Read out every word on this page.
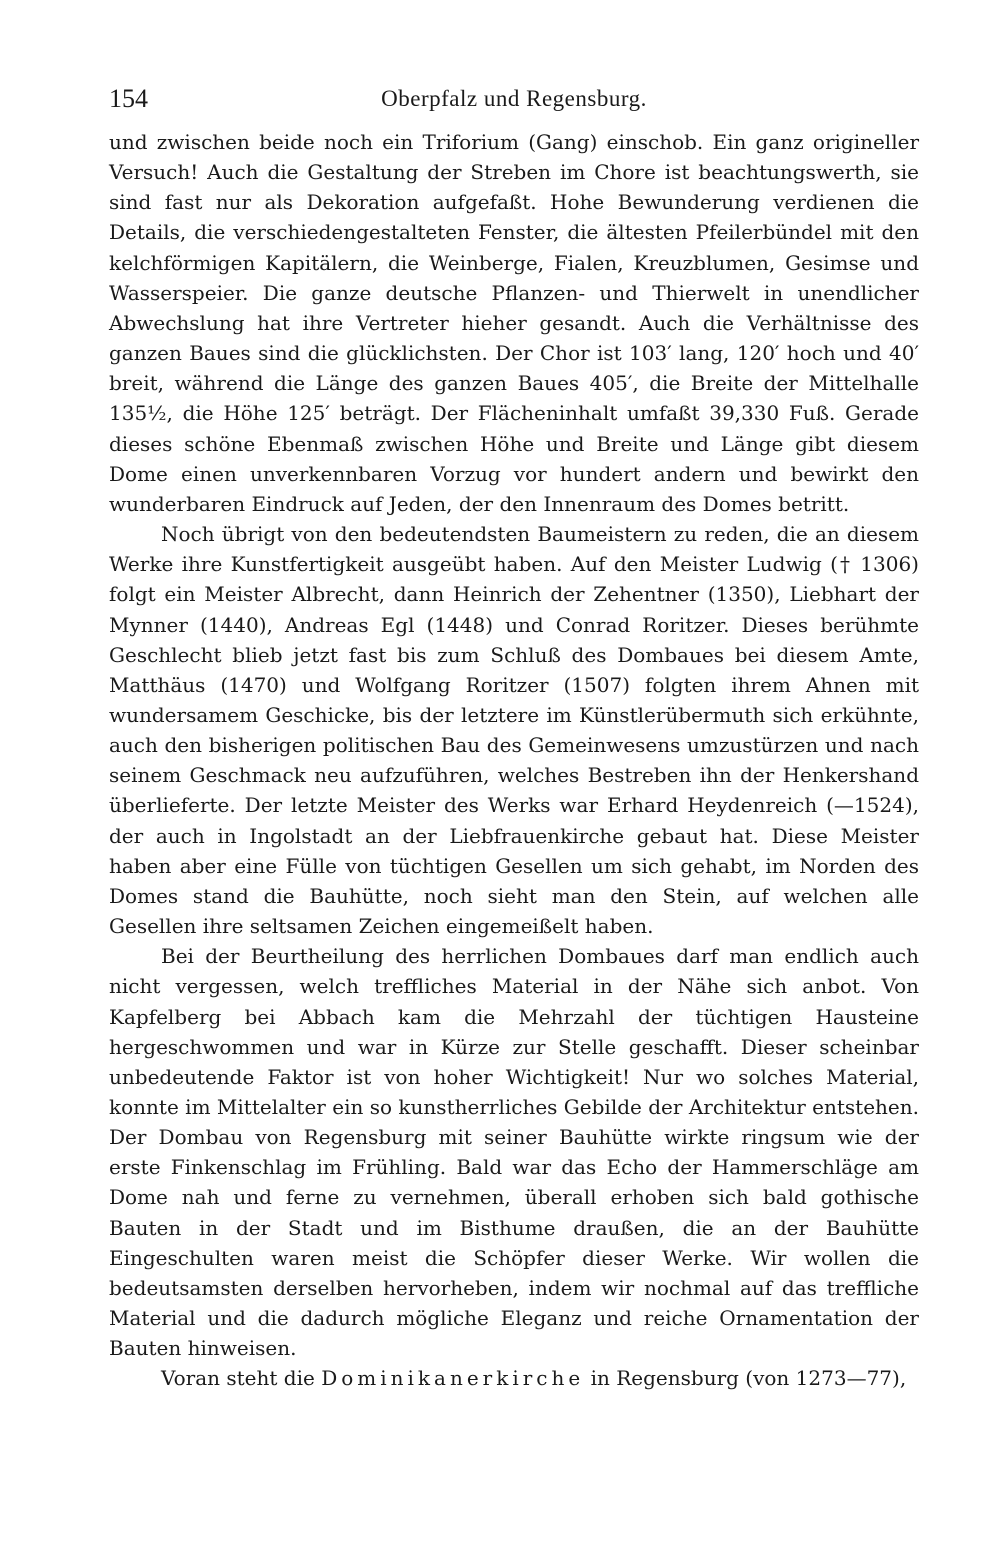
154	Oberpfalz und Regensburg.

und zwischen beide noch ein Triforium (Gang) einschob. Ein ganz origineller Versuch! Auch die Gestaltung der Streben im Chore ist beachtungswerth, sie sind fast nur als Dekoration aufgefaßt. Hohe Bewunderung verdienen die Details, die verschiedengestalteten Fenster, die ältesten Pfeilerbündel mit den kelchförmigen Kapitälern, die Weinberge, Fialen, Kreuzblumen, Gesimse und Wasserspeier. Die ganze deutsche Pflanzen- und Thierwelt in unendlicher Abwechslung hat ihre Vertreter hieher gesandt. Auch die Verhältnisse des ganzen Baues sind die glücklichsten. Der Chor ist 103′ lang, 120′ hoch und 40′ breit, während die Länge des ganzen Baues 405′, die Breite der Mittelhalle 135½, die Höhe 125′ beträgt. Der Flächeninhalt umfaßt 39,330 Fuß. Gerade dieses schöne Ebenmaß zwischen Höhe und Breite und Länge gibt diesem Dome einen unverkennbaren Vorzug vor hundert andern und bewirkt den wunderbaren Eindruck auf Jeden, der den Innenraum des Domes betritt.

Noch übrigt von den bedeutendsten Baumeistern zu reden, die an diesem Werke ihre Kunstfertigkeit ausgeübt haben. Auf den Meister Ludwig († 1306) folgt ein Meister Albrecht, dann Heinrich der Zehentner (1350), Liebhart der Mynner (1440), Andreas Egl (1448) und Conrad Roritzer. Dieses berühmte Geschlecht blieb jetzt fast bis zum Schluß des Dombaues bei diesem Amte, Matthäus (1470) und Wolfgang Roritzer (1507) folgten ihrem Ahnen mit wundersamem Geschicke, bis der letztere im Künstlerübermuth sich erkühnte, auch den bisherigen politischen Bau des Gemeinwesens umzustürzen und nach seinem Geschmack neu aufzuführen, welches Bestreben ihn der Henkershand überlieferte. Der letzte Meister des Werks war Erhard Heydenreich (—1524), der auch in Ingolstadt an der Liebfrauenkirche gebaut hat. Diese Meister haben aber eine Fülle von tüchtigen Gesellen um sich gehabt, im Norden des Domes stand die Bauhütte, noch sieht man den Stein, auf welchen alle Gesellen ihre seltsamen Zeichen eingemeißelt haben.

Bei der Beurtheilung des herrlichen Dombaues darf man endlich auch nicht vergessen, welch treffliches Material in der Nähe sich anbot. Von Kapfelberg bei Abbach kam die Mehrzahl der tüchtigen Hausteine hergeschwommen und war in Kürze zur Stelle geschafft. Dieser scheinbar unbedeutende Faktor ist von hoher Wichtigkeit! Nur wo solches Material, konnte im Mittelalter ein so kunstherrliches Gebilde der Architektur entstehen. Der Dombau von Regensburg mit seiner Bauhütte wirkte ringsum wie der erste Finkenschlag im Frühling. Bald war das Echo der Hammerschläge am Dome nah und ferne zu vernehmen, überall erhoben sich bald gothische Bauten in der Stadt und im Bisthume draußen, die an der Bauhütte Eingeschulten waren meist die Schöpfer dieser Werke. Wir wollen die bedeutsamsten derselben hervorheben, indem wir nochmal auf das treffliche Material und die dadurch mögliche Eleganz und reiche Ornamentation der Bauten hinweisen.

Voran steht die Dominikanerkirche in Regensburg (von 1273—77),
